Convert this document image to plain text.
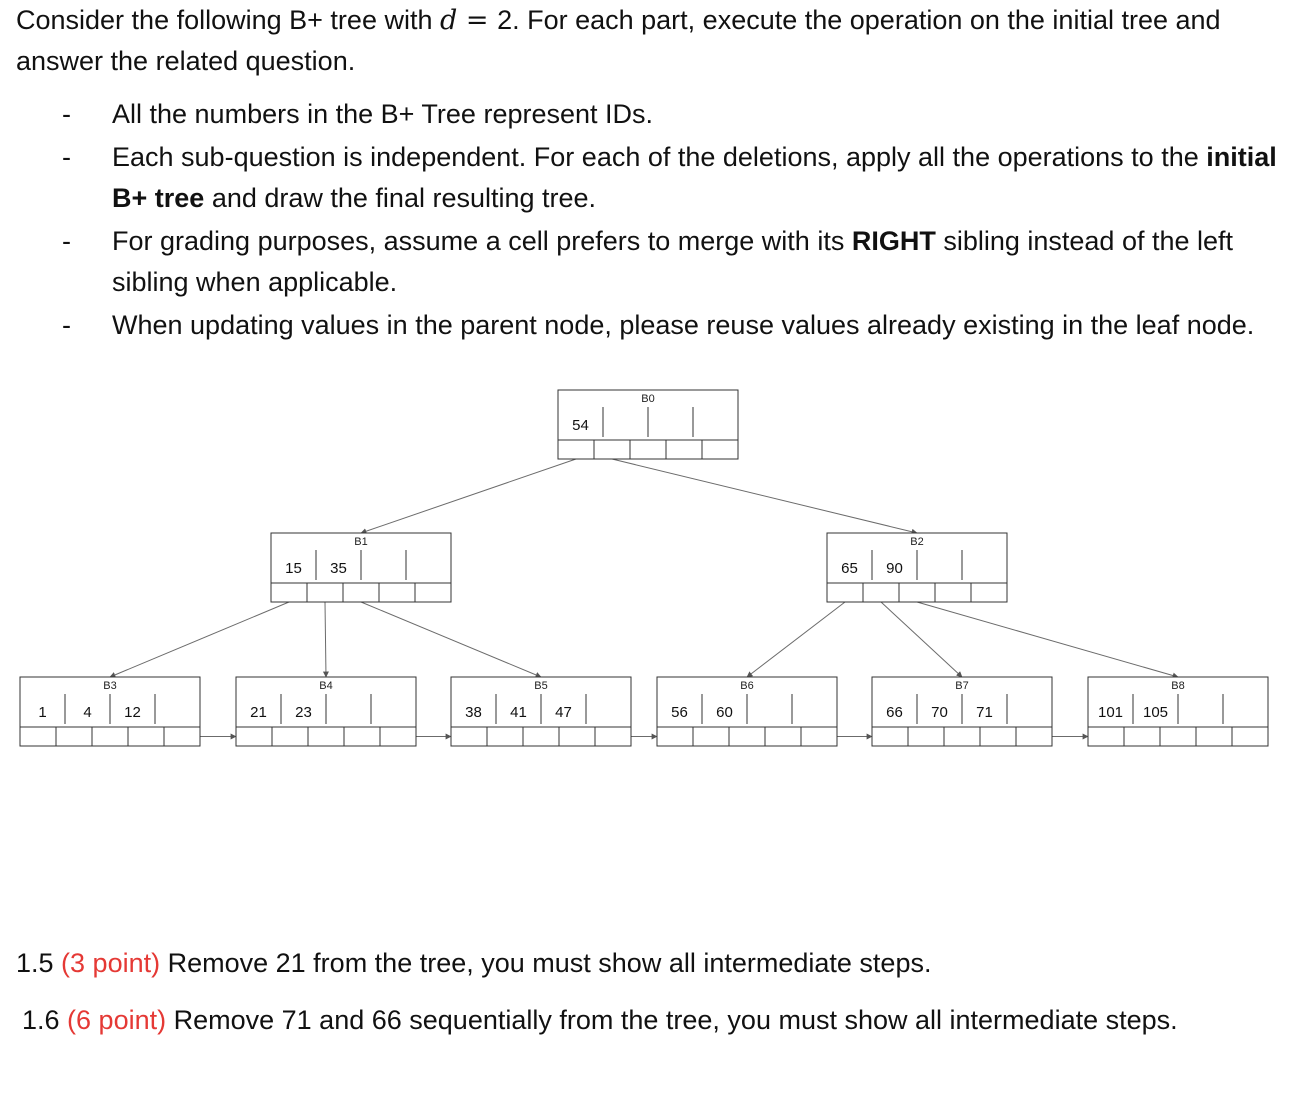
Consider the following B+ tree with d = 2. For each part, execute the operation on the initial tree and answer the related question.
- All the numbers in the B+ Tree represent IDs.
- Each sub-question is independent. For each of the deletions, apply all the operations to the initial B+ tree and draw the final resulting tree.
- For grading purposes, assume a cell prefers to merge with its RIGHT sibling instead of the left sibling when applicable.
- When updating values in the parent node, please reuse values already existing in the leaf node.
B0
54
B1
15 35
B2
65 90
B3
1 4 12
B4
21 23
B5
38 41 47
B6
56 60
B7
66 70 71
B8
101 105
1.5 (3 point) Remove 21 from the tree, you must show all intermediate steps.
1.6 (6 point) Remove 71 and 66 sequentially from the tree, you must show all intermediate steps.
